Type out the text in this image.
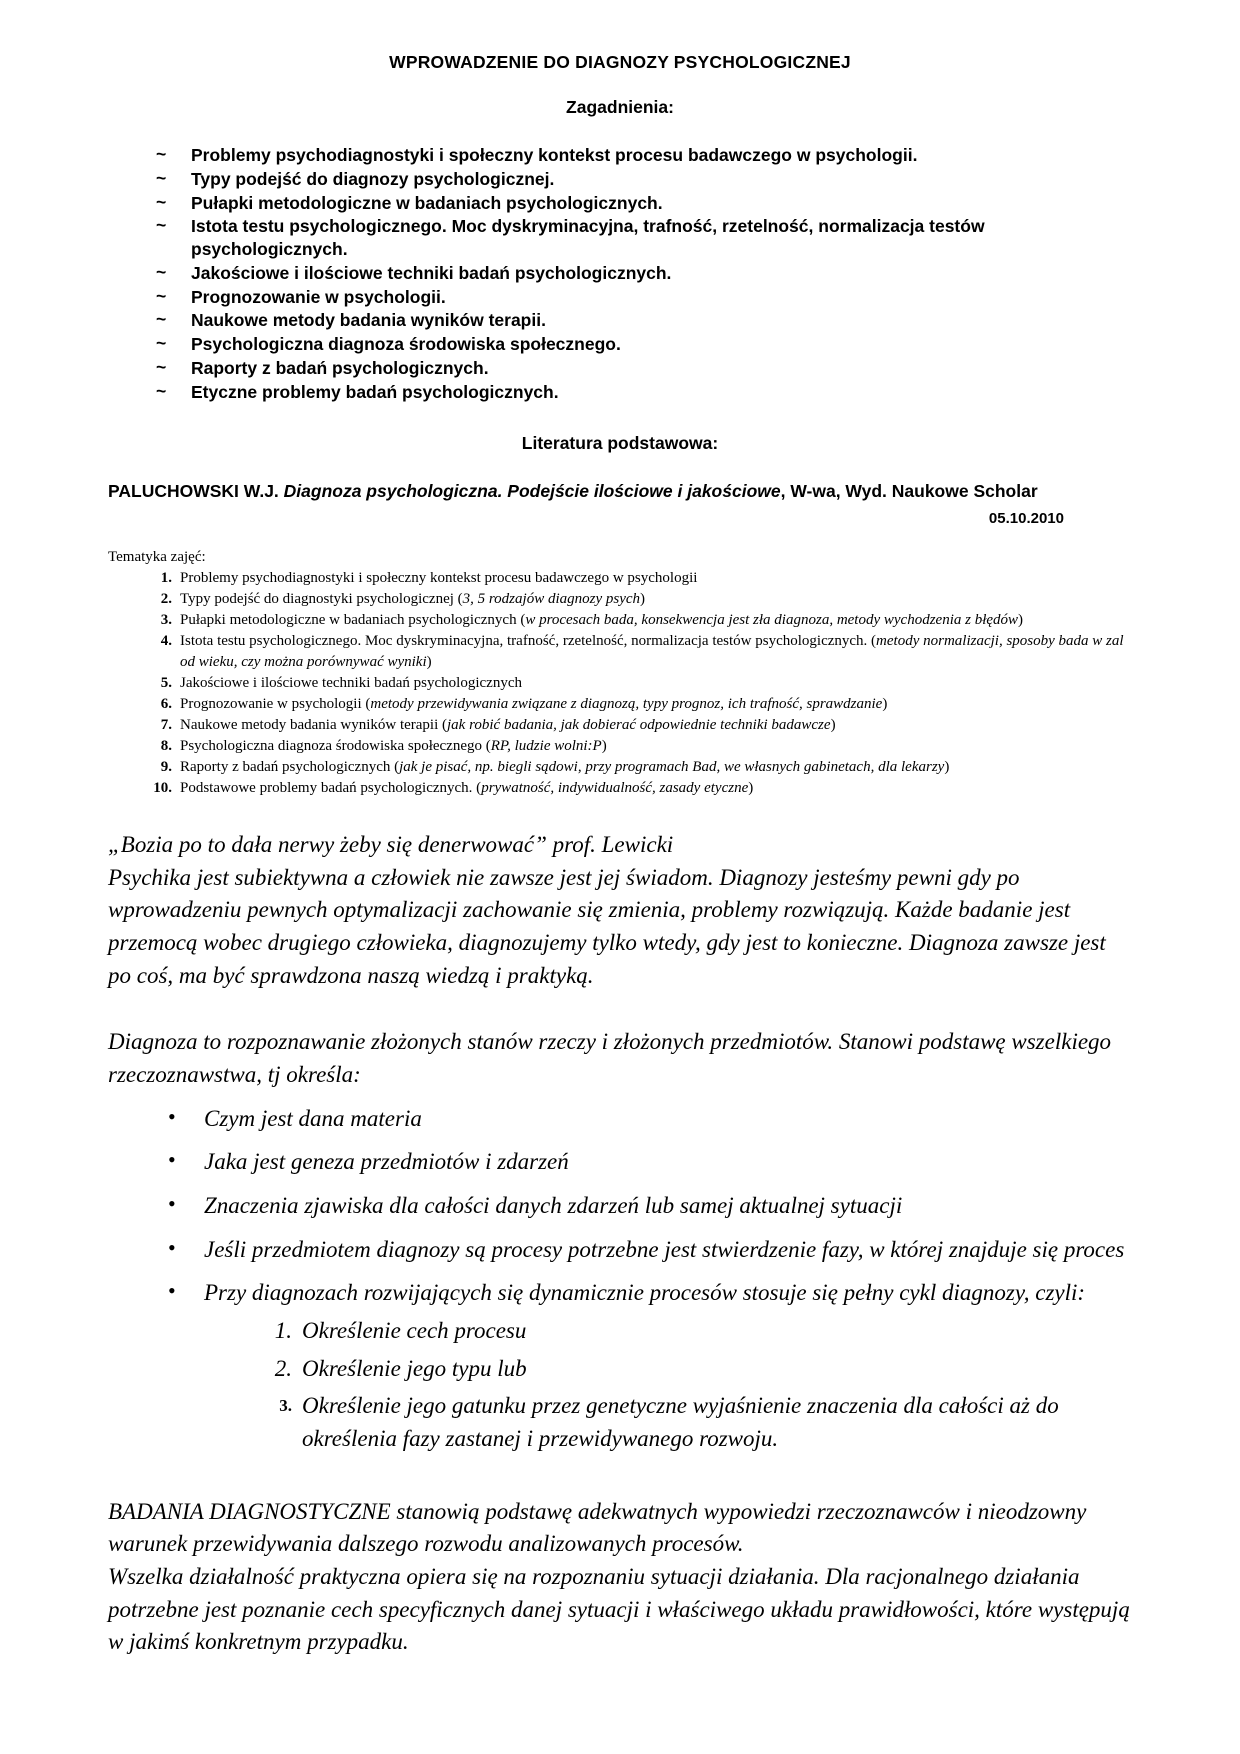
WPROWADZENIE DO DIAGNOZY PSYCHOLOGICZNEJ
Zagadnienia:
~ Problemy psychodiagnostyki i społeczny kontekst procesu badawczego w psychologii.
~ Typy podejść do diagnozy psychologicznej.
~ Pułapki metodologiczne w badaniach psychologicznych.
~ Istota testu psychologicznego. Moc dyskryminacyjna, trafność, rzetelność, normalizacja testów psychologicznych.
~ Jakościowe i ilościowe techniki badań psychologicznych.
~ Prognozowanie w psychologii.
~ Naukowe metody badania wyników terapii.
~ Psychologiczna diagnoza środowiska społecznego.
~ Raporty z badań psychologicznych.
~ Etyczne problemy badań psychologicznych.
Literatura podstawowa:

PALUCHOWSKI W.J. Diagnoza psychologiczna. Podejście ilościowe i jakościowe, W-wa, Wyd. Naukowe Scholar

05.10.2010

Tematyka zajęć:

1. Problemy psychodiagnostyki i społeczny kontekst procesu badawczego w psychologii
2. Typy podejść do diagnostyki psychologicznej (3, 5 rodzajów diagnozy psych)
3. Pułapki metodologiczne w badaniach psychologicznych (w procesach bada, konsekwencja jest zła diagnoza, metody wychodzenia z błędów)
4. Istota testu psychologicznego. Moc dyskryminacyjna, trafność, rzetelność, normalizacja testów psychologicznych. (metody normalizacji, sposoby bada w zal od wieku, czy można porównywać wyniki)
5. Jakościowe i ilościowe techniki badań psychologicznych
6. Prognozowanie w psychologii (metody przewidywania związane z diagnozą, typy prognoz, ich trafność, sprawdzanie)
7. Naukowe metody badania wyników terapii (jak robić badania, jak dobierać odpowiednie techniki badawcze)
8. Psychologiczna diagnoza środowiska społecznego (RP, ludzie wolni:P)
9. Raporty z badań psychologicznych (jak je pisać, np. biegli sądowi, przy programach Bad, we własnych gabinetach, dla lekarzy)
10. Podstawowe problemy badań psychologicznych. (prywatność, indywidualność, zasady etyczne)

„Bozia po to dała nerwy żeby się denerwować” prof. Lewicki

Psychika jest subiektywna a człowiek nie zawsze jest jej świadom. Diagnozy jesteśmy pewni gdy po wprowadzeniu pewnych optymalizacji zachowanie się zmienia, problemy rozwiązują. Każde badanie jest przemocą wobec drugiego człowieka, diagnozujemy tylko wtedy, gdy jest to konieczne. Diagnoza zawsze jest po coś, ma być sprawdzona naszą wiedzą i praktyką.

Diagnoza to rozpoznawanie złożonych stanów rzeczy i złożonych przedmiotów. Stanowi podstawę wszelkiego rzeczoznawstwa, tj określa:

• Czym jest dana materia
• Jaka jest geneza przedmiotów i zdarzeń
• Znaczenia zjawiska dla całości danych zdarzeń lub samej aktualnej sytuacji
• Jeśli przedmiotem diagnozy są procesy potrzebne jest stwierdzenie fazy, w której znajduje się proces
• Przy diagnozach rozwijających się dynamicznie procesów stosuje się pełny cykl diagnozy, czyli:
1. Określenie cech procesu
2. Określenie jego typu lub
3. Określenie jego gatunku przez genetyczne wyjaśnienie znaczenia dla całości aż do określenia fazy zastanej i przewidywanego rozwoju.

BADANIA DIAGNOSTYCZNE stanowią podstawę adekwatnych wypowiedzi rzeczoznawców i nieodzowny warunek przewidywania dalszego rozwodu analizowanych procesów.

Wszelka działalność praktyczna opiera się na rozpoznaniu sytuacji działania. Dla racjonalnego działania potrzebne jest poznanie cech specyficznych danej sytuacji i właściwego układu prawidłowości, które występują w jakimś konkretnym przypadku.
